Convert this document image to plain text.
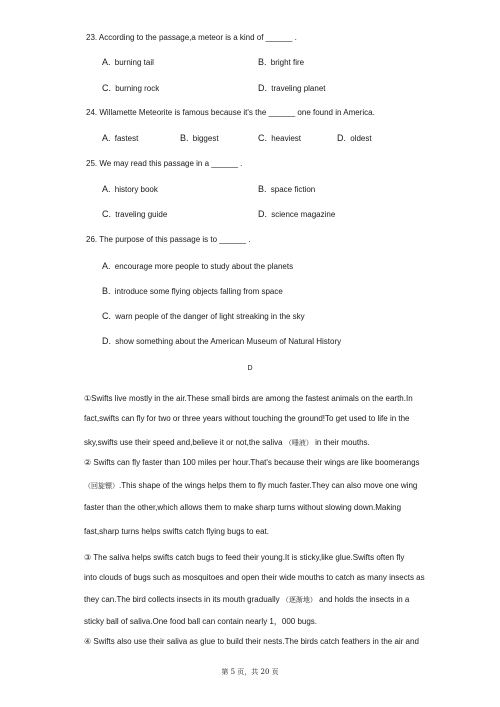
23. According to the passage,a meteor is a kind of ______ .
A. burning tail	B. bright fire
C. burning rock	D. traveling planet
24. Willamette Meteorite is famous because it's the ______ one found in America.
A. fastest	B. biggest	C. heaviest	D. oldest
25. We may read this passage in a ______ .
A. history book	B. space fiction
C. traveling guide	D. science magazine
26. The purpose of this passage is to ______ .
A. encourage more people to study about the planets
B. introduce some flying objects falling from space
C. warn people of the danger of light streaking in the sky
D. show something about the American Museum of Natural History
D
①Swifts live mostly in the air.These small birds are among the fastest animals on the earth.In
fact,swifts can fly for two or three years without touching the ground!To get used to life in the
sky,swifts use their speed and,believe it or not,the saliva （唾液） in their mouths.
② Swifts can fly faster than 100 miles per hour.That's because their wings are like boomerangs
（回旋镖）.This shape of the wings helps them to fly much faster.They can also move one wing
faster than the other,which allows them to make sharp turns without slowing down.Making
fast,sharp turns helps swifts catch flying bugs to eat.
③ The saliva helps swifts catch bugs to feed their young.It is sticky,like glue.Swifts often fly
into clouds of bugs such as mosquitoes and open their wide mouths to catch as many insects as
they can.The bird collects insects in its mouth gradually （逐渐地） and holds the insects in a
sticky ball of saliva.One food ball can contain nearly 1，000 bugs.
④ Swifts also use their saliva as glue to build their nests.The birds catch feathers in the air and
第 5 页，共 20 页
